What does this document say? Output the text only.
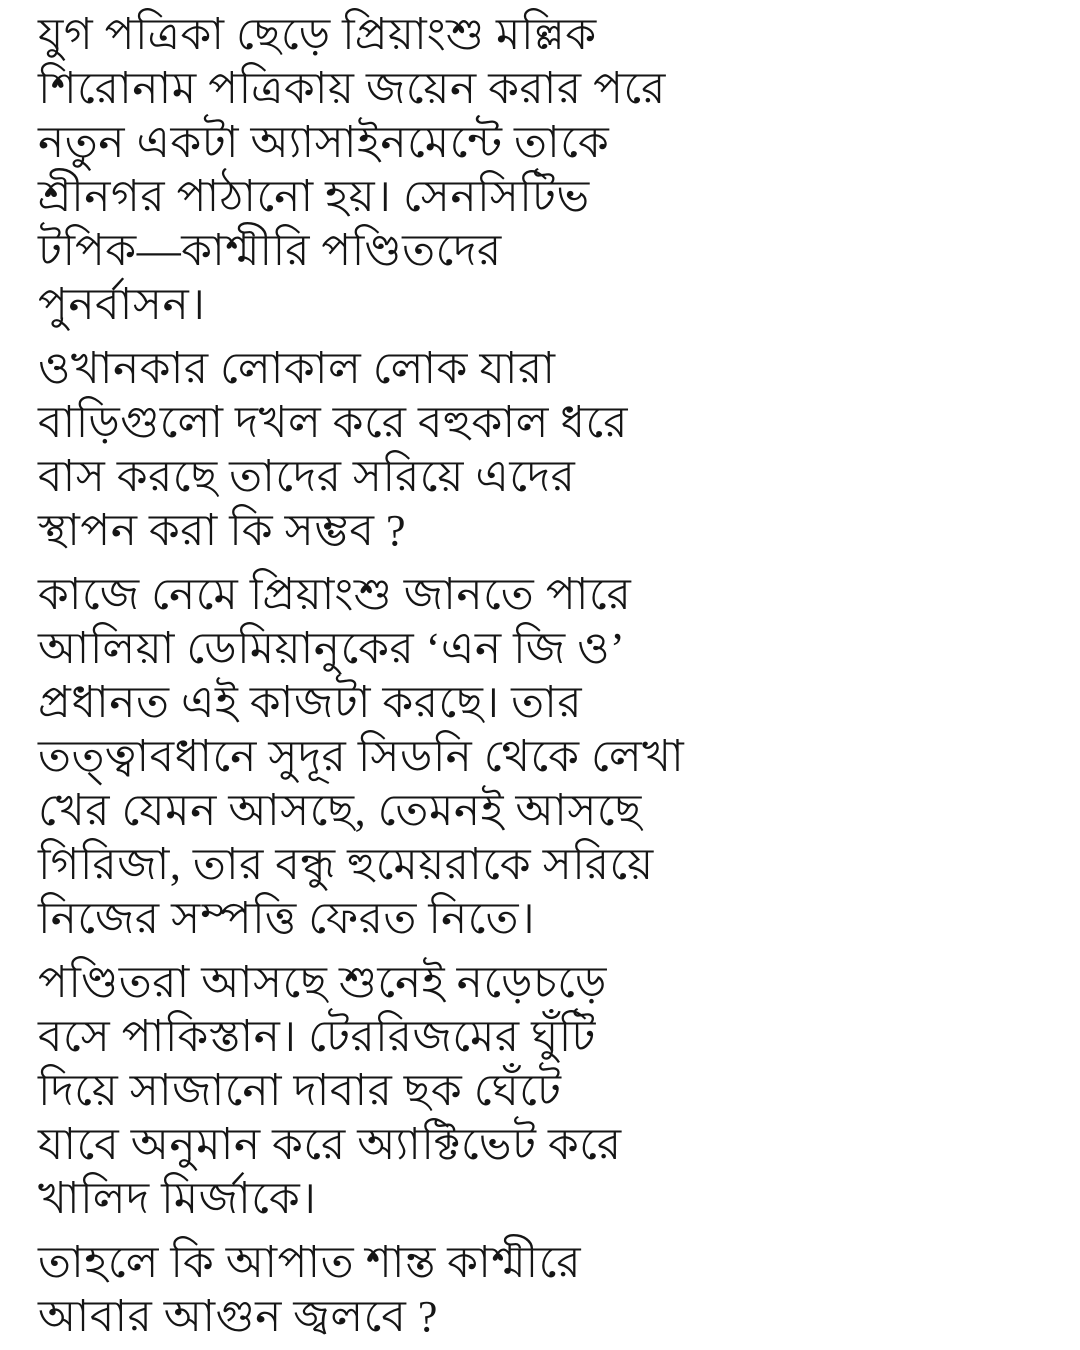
যুগ পত্রিকা ছেড়ে প্রিয়াংশু মল্লিক
শিরোনাম পত্রিকায় জয়েন করার পরে
নতুন একটা অ্যাসাইনমেন্টে তাকে
শ্রীনগর পাঠানো হয়। সেনসিটিভ
টপিক—কাশ্মীরি পণ্ডিতদের
পুনর্বাসন।

ওখানকার লোকাল লোক যারা
বাড়িগুলো দখল করে বহুকাল ধরে
বাস করছে তাদের সরিয়ে এদের
স্থাপন করা কি সম্ভব ?

কাজে নেমে প্রিয়াংশু জানতে পারে
আলিয়া ডেমিয়ানুকের ‘এন জি ও’
প্রধানত এই কাজটা করছে। তার
তত্ত্বাবধানে সুদূর সিডনি থেকে লেখা
খের যেমন আসছে, তেমনই আসছে
গিরিজা, তার বন্ধু হুমেয়রাকে সরিয়ে
নিজের সম্পত্তি ফেরত নিতে।

পণ্ডিতরা আসছে শুনেই নড়েচড়ে
বসে পাকিস্তান। টেররিজমের ঘুঁটি
দিয়ে সাজানো দাবার ছক ঘেঁটে
যাবে অনুমান করে অ্যাক্টিভেট করে
খালিদ মির্জাকে।

তাহলে কি আপাত শান্ত কাশ্মীরে
আবার আগুন জ্বলবে ?
